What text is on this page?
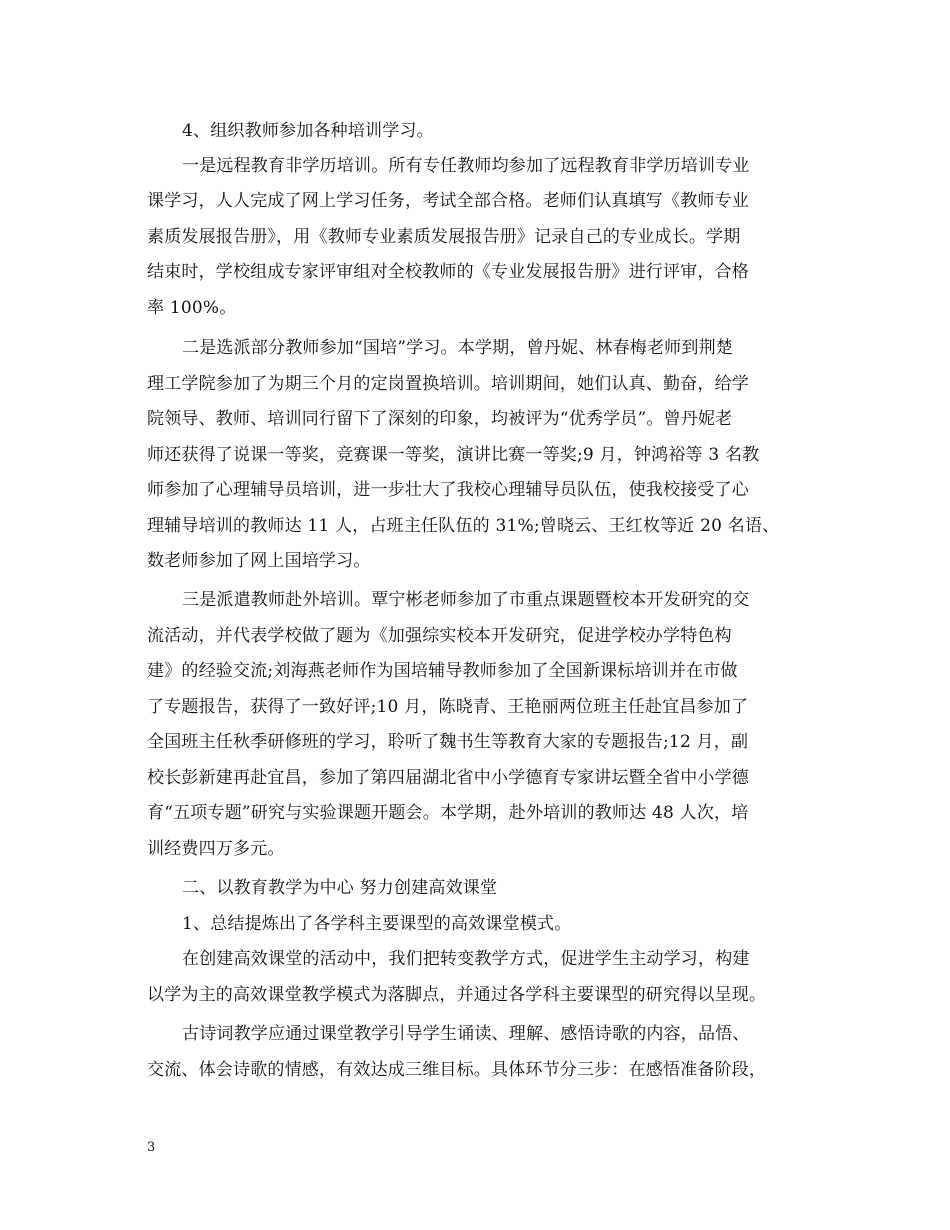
4、组织教师参加各种培训学习。
一是远程教育非学历培训。所有专任教师均参加了远程教育非学历培训专业
课学习，人人完成了网上学习任务，考试全部合格。老师们认真填写《教师专业
素质发展报告册》，用《教师专业素质发展报告册》记录自己的专业成长。学期
结束时，学校组成专家评审组对全校教师的《专业发展报告册》进行评审，合格
率 100%。
二是选派部分教师参加“国培”学习。本学期，曾丹妮、林春梅老师到荆楚
理工学院参加了为期三个月的定岗置换培训。培训期间，她们认真、勤奋，给学
院领导、教师、培训同行留下了深刻的印象，均被评为“优秀学员”。曾丹妮老
师还获得了说课一等奖，竞赛课一等奖，演讲比赛一等奖;9 月，钟鸿裕等 3 名教
师参加了心理辅导员培训，进一步壮大了我校心理辅导员队伍，使我校接受了心
理辅导培训的教师达 11 人，占班主任队伍的 31%;曾晓云、王红枚等近 20 名语、
数老师参加了网上国培学习。
三是派遣教师赴外培训。覃宁彬老师参加了市重点课题暨校本开发研究的交
流活动，并代表学校做了题为《加强综实校本开发研究，促进学校办学特色构
建》的经验交流;刘海燕老师作为国培辅导教师参加了全国新课标培训并在市做
了专题报告，获得了一致好评;10 月，陈晓青、王艳丽两位班主任赴宜昌参加了
全国班主任秋季研修班的学习，聆听了魏书生等教育大家的专题报告;12 月，副
校长彭新建再赴宜昌，参加了第四届湖北省中小学德育专家讲坛暨全省中小学德
育“五项专题”研究与实验课题开题会。本学期，赴外培训的教师达 48 人次，培
训经费四万多元。
二、以教育教学为中心 努力创建高效课堂
1、总结提炼出了各学科主要课型的高效课堂模式。
在创建高效课堂的活动中，我们把转变教学方式，促进学生主动学习，构建
以学为主的高效课堂教学模式为落脚点，并通过各学科主要课型的研究得以呈现。
古诗词教学应通过课堂教学引导学生诵读、理解、感悟诗歌的内容，品悟、
交流、体会诗歌的情感，有效达成三维目标。具体环节分三步：在感悟准备阶段，
3
